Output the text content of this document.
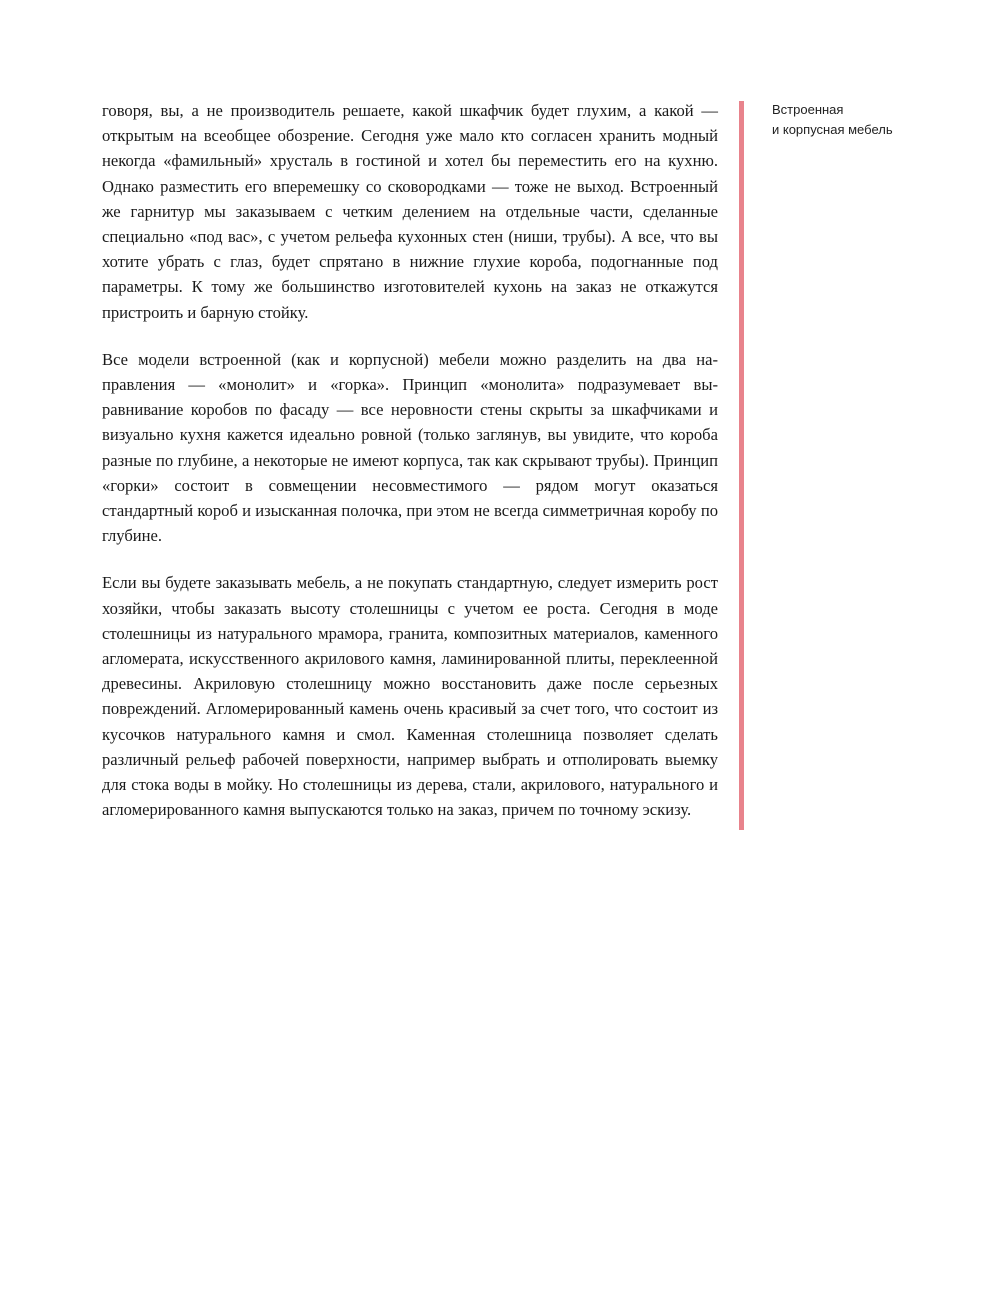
говоря, вы, а не производитель решаете, какой шкафчик будет глухим, а какой — открытым на всеобщее обозрение. Сегодня уже мало кто согласен хранить модный некогда «фамильный» хрусталь в гостиной и хотел бы переместить его на кухню. Однако разместить его вперемешку со сковородками — тоже не выход. Встроенный же гарнитур мы заказываем с четким делением на отдельные части, сделанные специально «под вас», с учетом рельефа кухонных стен (ниши, трубы). А все, что вы хотите убрать с глаз, будет спрятано в нижние глухие короба, подогнанные под параметры. К тому же большинство изготовителей кухонь на заказ не откажутся пристроить и барную стойку.

Все модели встроенной (как и корпусной) мебели можно разделить на два направления — «монолит» и «горка». Принцип «монолита» подразумевает выравнивание коробов по фасаду — все неровности стены скрыты за шкафчиками и визуально кухня кажется идеально ровной (только заглянув, вы увидите, что короба разные по глубине, а некоторые не имеют корпуса, так как скрывают трубы). Принцип «горки» состоит в совмещении несовместимого — рядом могут оказаться стандартный короб и изысканная полочка, при этом не всегда симметричная коробу по глубине.

Если вы будете заказывать мебель, а не покупать стандартную, следует измерить рост хозяйки, чтобы заказать высоту столешницы с учетом ее роста. Сегодня в моде столешницы из натурального мрамора, гранита, композитных материалов, каменного агломерата, искусственного акрилового камня, ламинированной плиты, переклеенной древесины. Акриловую столешницу можно восстановить даже после серьезных повреждений. Агломерированный камень очень красивый за счет того, что состоит из кусочков натурального камня и смол. Каменная столешница позволяет сделать различный рельеф рабочей поверхности, например выбрать и отполировать выемку для стока воды в мойку. Но столешницы из дерева, стали, акрилового, натурального и агломерированного камня выпускаются только на заказ, причем по точному эскизу.

Встроенная
и корпусная мебель
